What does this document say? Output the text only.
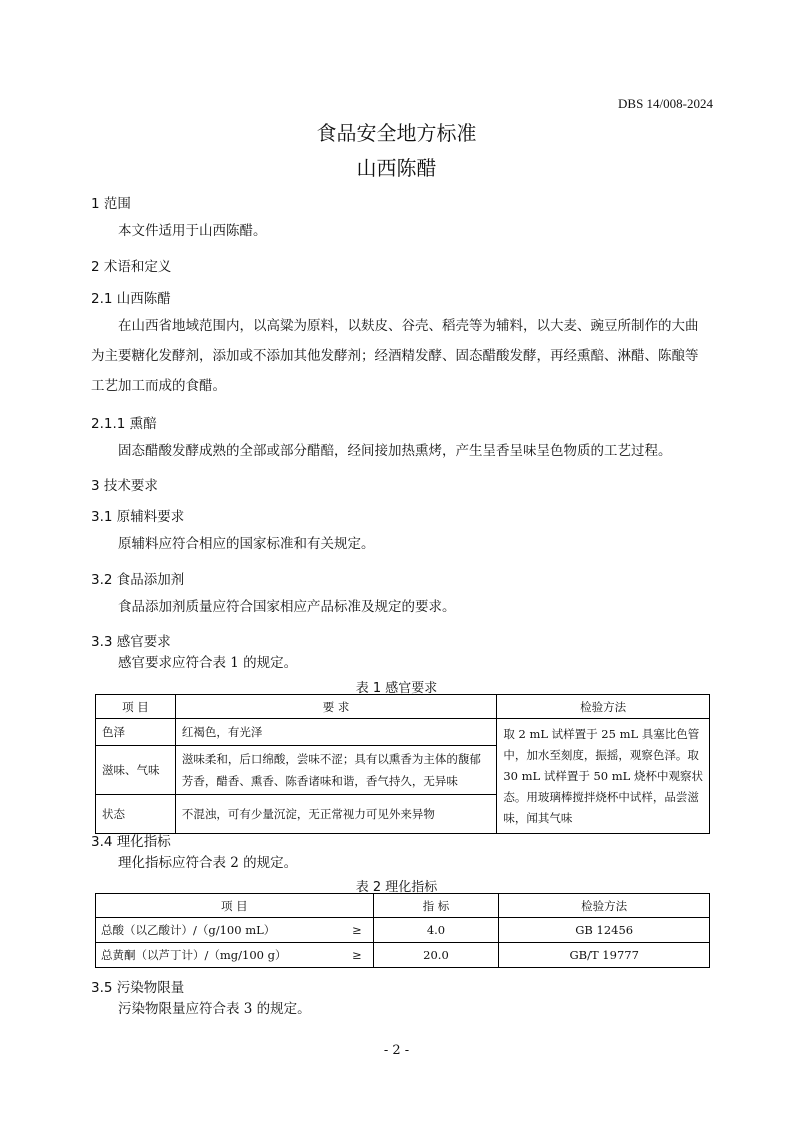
DBS 14/008-2024
食品安全地方标准
山西陈醋
1 范围
本文件适用于山西陈醋。
2 术语和定义
2.1 山西陈醋
在山西省地域范围内，以高粱为原料，以麸皮、谷壳、稻壳等为辅料，以大麦、豌豆所制作的大曲
为主要糖化发酵剂，添加或不添加其他发酵剂；经酒精发酵、固态醋酸发酵，再经熏醅、淋醋、陈酿等
工艺加工而成的食醋。
2.1.1 熏醅
固态醋酸发酵成熟的全部或部分醋醅，经间接加热熏烤，产生呈香呈味呈色物质的工艺过程。
3 技术要求
3.1 原辅料要求
原辅料应符合相应的国家标准和有关规定。
3.2 食品添加剂
食品添加剂质量应符合国家相应产品标准及规定的要求。
3.3 感官要求
感官要求应符合表 1 的规定。
表 1 感官要求
项 目	要 求	检验方法
色泽	红褐色，有光泽	取 2 mL 试样置于 25 mL 具塞比色管中，加水至刻度，振摇，观察色泽。取 30 mL 试样置于 50 mL 烧杯中观察状态。用玻璃棒搅拌烧杯中试样，品尝滋味，闻其气味
滋味、气味	滋味柔和，后口绵酸，尝味不涩；具有以熏香为主体的馥郁芳香，醋香、熏香、陈香诸味和谐，香气持久，无异味	
状态	不混浊，可有少量沉淀，无正常视力可见外来异物	
3.4 理化指标
理化指标应符合表 2 的规定。
表 2 理化指标
项 目		指 标	检验方法
总酸（以乙酸计）/（g/100 mL）	≥	4.0	GB 12456
总黄酮（以芦丁计）/（mg/100 g）	≥	20.0	GB/T 19777
3.5 污染物限量
污染物限量应符合表 3 的规定。
- 2 -
